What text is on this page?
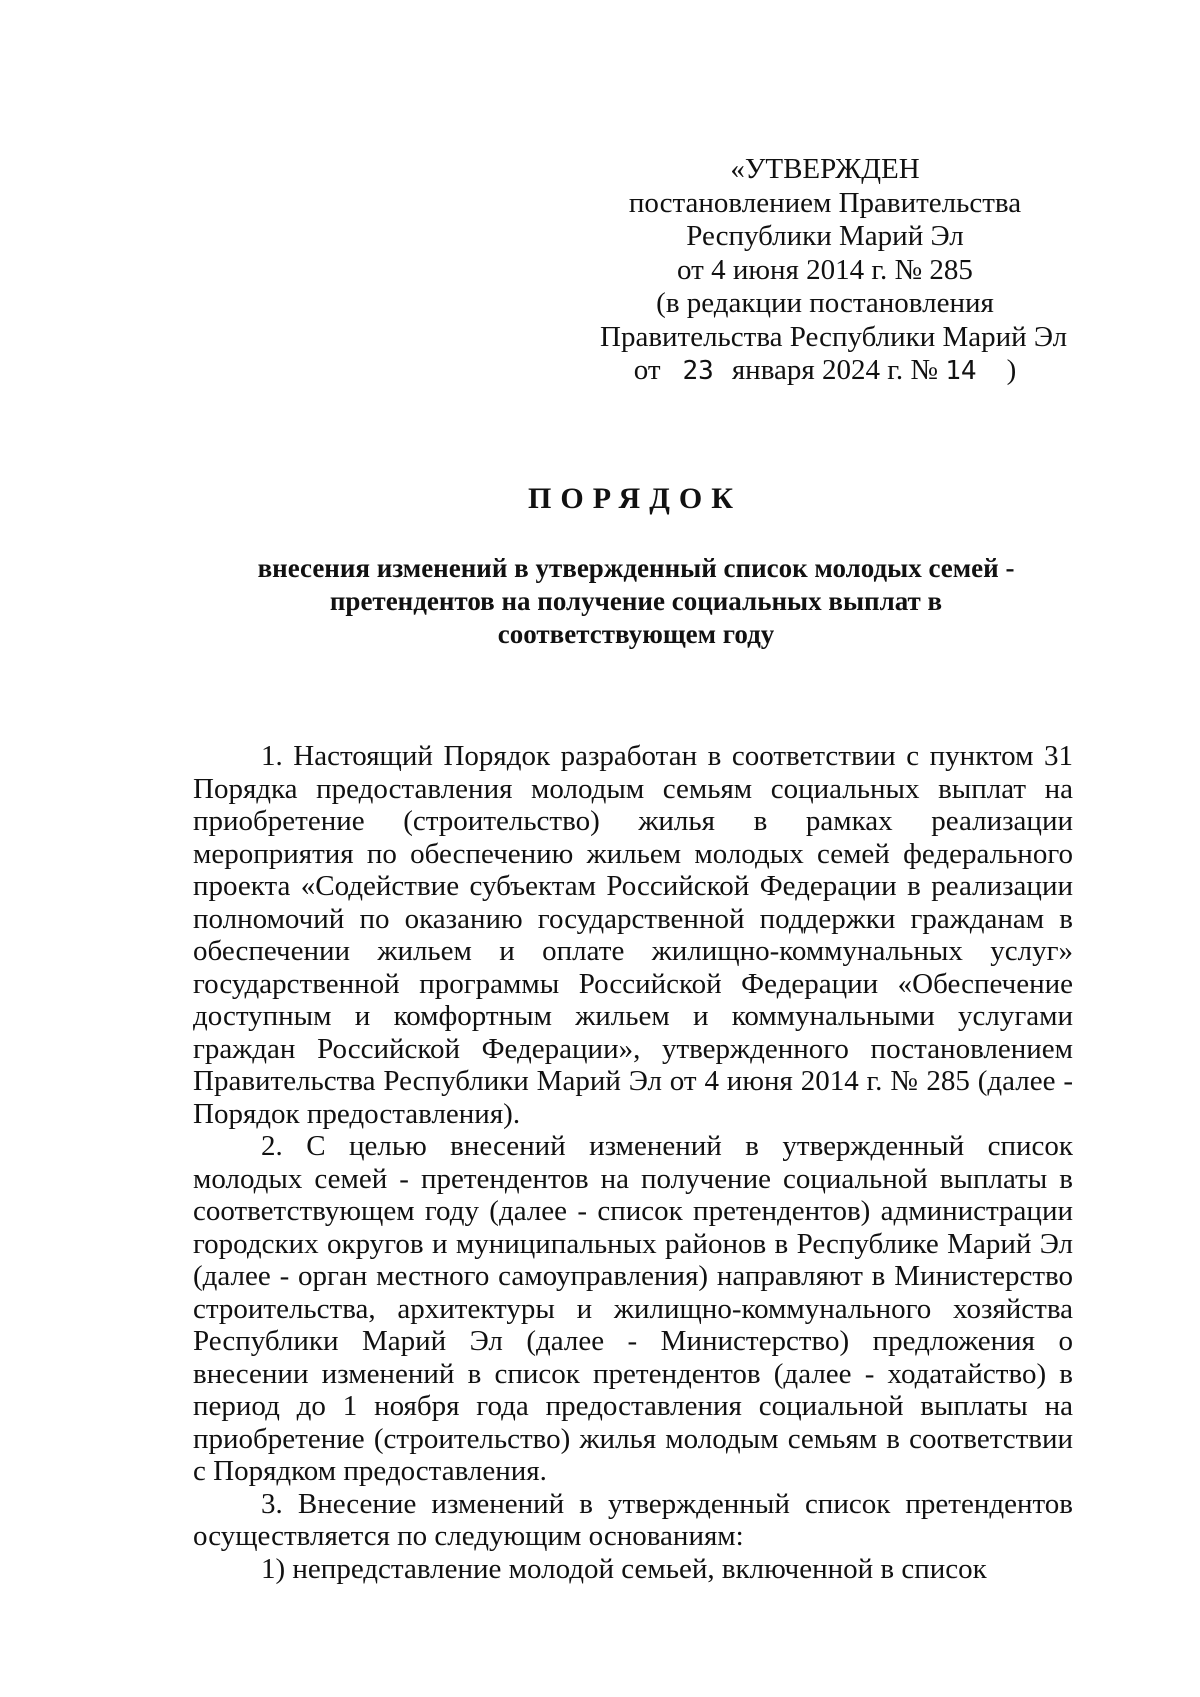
«УТВЕРЖДЕН
постановлением Правительства
Республики Марий Эл
от 4 июня 2014 г. № 285
(в редакции постановления
Правительства Республики Марий Эл
от 23 января 2024 г. № 14 )
ПОРЯДОК
внесения изменений в утвержденный список молодых семей - претендентов на получение социальных выплат в соответствующем году

1. Настоящий Порядок разработан в соответствии с пунктом 31 Порядка предоставления молодым семьям социальных выплат на приобретение (строительство) жилья в рамках реализации мероприятия по обеспечению жильем молодых семей федерального проекта «Содействие субъектам Российской Федерации в реализации полномочий по оказанию государственной поддержки гражданам в обеспечении жильем и оплате жилищно-коммунальных услуг» государственной программы Российской Федерации «Обеспечение доступным и комфортным жильем и коммунальными услугами граждан Российской Федерации», утвержденного постановлением Правительства Республики Марий Эл от 4 июня 2014 г. № 285 (далее - Порядок предоставления).

2. С целью внесений изменений в утвержденный список молодых семей - претендентов на получение социальной выплаты в соответствующем году (далее - список претендентов) администрации городских округов и муниципальных районов в Республике Марий Эл (далее - орган местного самоуправления) направляют в Министерство строительства, архитектуры и жилищно-коммунального хозяйства Республики Марий Эл (далее - Министерство) предложения о внесении изменений в список претендентов (далее - ходатайство) в период до 1 ноября года предоставления социальной выплаты на приобретение (строительство) жилья молодым семьям в соответствии с Порядком предоставления.

3. Внесение изменений в утвержденный список претендентов осуществляется по следующим основаниям:

1) непредставление молодой семьей, включенной в список
